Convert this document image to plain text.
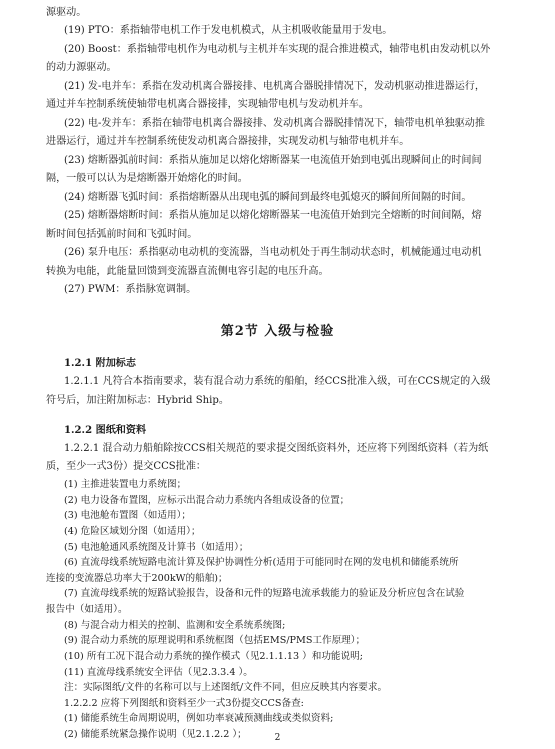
源驱动。
(19) PTO：系指轴带电机工作于发电机模式，从主机吸收能量用于发电。
(20) Boost：系指轴带电机作为电动机与主机并车实现的混合推进模式，轴带电机由发动机以外
的动力源驱动。
(21) 发-电并车：系指在发动机离合器接排、电机离合器脱排情况下，发动机驱动推进器运行，
通过并车控制系统使轴带电机离合器接排，实现轴带电机与发动机并车。
(22) 电-发并车：系指在轴带电机离合器接排、发动机离合器脱排情况下，轴带电机单独驱动推
进器运行，通过并车控制系统使发动机离合器接排，实现发动机与轴带电机并车。
(23) 熔断器弧前时间：系指从施加足以熔化熔断器某一电流值开始到电弧出现瞬间止的时间间
隔，一般可以认为是熔断器开始熔化的时间。
(24) 熔断器飞弧时间：系指熔断器从出现电弧的瞬间到最终电弧熄灭的瞬间所间隔的时间。
(25) 熔断器熔断时间：系指从施加足以熔化熔断器某一电流值开始到完全熔断的时间间隔，熔
断时间包括弧前时间和飞弧时间。
(26) 泵升电压：系指驱动电动机的变流器，当电动机处于再生制动状态时，机械能通过电动机
转换为电能，此能量回馈到变流器直流侧电容引起的电压升高。
(27) PWM：系指脉宽调制。
第2节 入级与检验
1.2.1 附加标志
1.2.1.1 凡符合本指南要求，装有混合动力系统的船舶，经CCS批准入级，可在CCS规定的入级
符号后，加注附加标志：Hybrid Ship。
1.2.2 图纸和资料
1.2.2.1 混合动力船舶除按CCS相关规范的要求提交图纸资料外，还应将下列图纸资料（若为纸
质，至少一式3份）提交CCS批准：
(1) 主推进装置电力系统图；
(2) 电力设备布置图，应标示出混合动力系统内各组成设备的位置；
(3) 电池舱布置图（如适用）；
(4) 危险区域划分图（如适用）；
(5) 电池舱通风系统图及计算书（如适用）；
(6) 直流母线系统短路电流计算及保护协调性分析(适用于可能同时在网的发电机和储能系统所
连接的变流器总功率大于200kW的船舶)；
(7) 直流母线系统的短路试验报告，设备和元件的短路电流承载能力的验证及分析应包含在试验
报告中（如适用）。
(8) 与混合动力相关的控制、监测和安全系统系统图;
(9) 混合动力系统的原理说明和系统框图（包括EMS/PMS工作原理）；
(10) 所有工况下混合动力系统的操作模式（见2.1.1.13 ）和功能说明;
(11) 直流母线系统安全评估（见2.3.3.4 ）。
注：实际图纸/文件的名称可以与上述图纸/文件不同，但应反映其内容要求。
1.2.2.2 应将下列图纸和资料至少一式3份提交CCS备查:
2
(1) 储能系统生命周期说明，例如功率衰减预测曲线或类似资料;
(2) 储能系统紧急操作说明（见2.1.2.2 ）；
